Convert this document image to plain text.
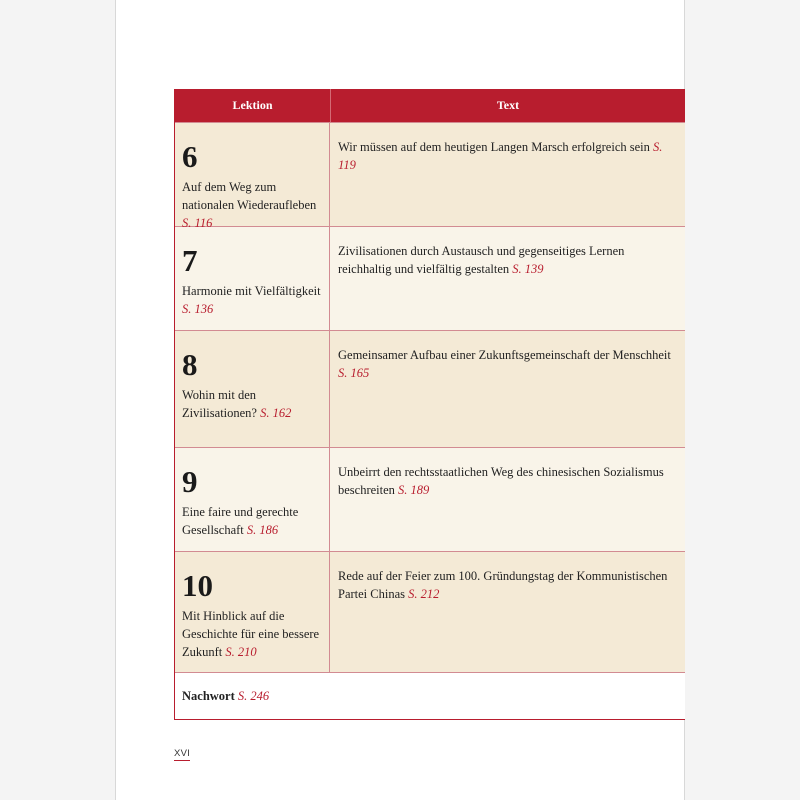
Lektion	Text
6
Auf dem Weg zum nationalen Wiederaufleben S. 116
Wir müssen auf dem heutigen Langen Marsch erfolgreich sein S. 119
7
Harmonie mit Vielfältigkeit S. 136
Zivilisationen durch Austausch und gegenseitiges Lernen reichhaltig und vielfältig gestalten S. 139
8
Wohin mit den Zivilisationen? S. 162
Gemeinsamer Aufbau einer Zukunftsgemeinschaft der Menschheit S. 165
9
Eine faire und gerechte Gesellschaft S. 186
Unbeirrt den rechtsstaatlichen Weg des chinesischen Sozialismus beschreiten S. 189
10
Mit Hinblick auf die Geschichte für eine bessere Zukunft S. 210
Rede auf der Feier zum 100. Gründungstag der Kommunistischen Partei Chinas S. 212
Nachwort
S. 246
XVI
